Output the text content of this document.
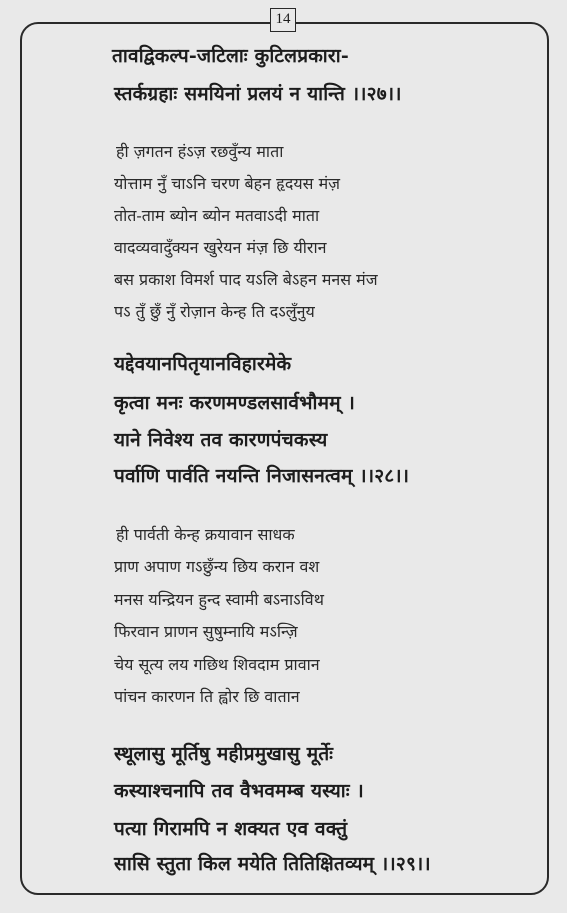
14
तावद्विकल्प-जटिलाः कुटिलप्रकारा-
स्तर्कग्रहाः समयिनां प्रलयं न यान्ति ।।२७।।
ही ज़गतन हंऽज़ रछवुँन्य माता
योत्ताम नुँ चाऽनि चरण बेहन हृदयस मंज़
तोत-ताम ब्योन ब्योन मतवाऽदी माता
वादव्यवादुँक्यन खुरेयन मंज़ छि यीरान
बस प्रकाश विमर्श पाद यऽलि बेऽहन मनस मंज
पऽ तुँ छुँ नुँ रोज़ान केन्ह ति दऽलुँनुय
यद्देवयानपितृयानविहारमेके
कृत्वा मनः करणमण्डलसार्वभौमम् ।
याने निवेश्य तव कारणपंचकस्य
पर्वाणि पार्वति नयन्ति निजासनत्वम् ।।२८।।
ही पार्वती केन्ह क्रयावान साधक
प्राण अपाण गऽछुँन्य छिय करान वश
मनस यन्द्रियन हुन्द स्वामी बऽनाऽविथ
फिरवान प्राणन सुषुम्नायि मऽन्ज़ि
चेय सूत्य लय गछिथ शिवदाम प्रावान
पांचन कारणन ति ह्वोर छि वातान
स्थूलासु मूर्तिषु महीप्रमुखासु मूर्तेः
कस्याश्चनापि तव वैभवमम्ब यस्याः ।
पत्या गिरामपि न शक्यत एव वक्तुं
सासि स्तुता किल मयेति तितिक्षितव्यम् ।।२९।।
